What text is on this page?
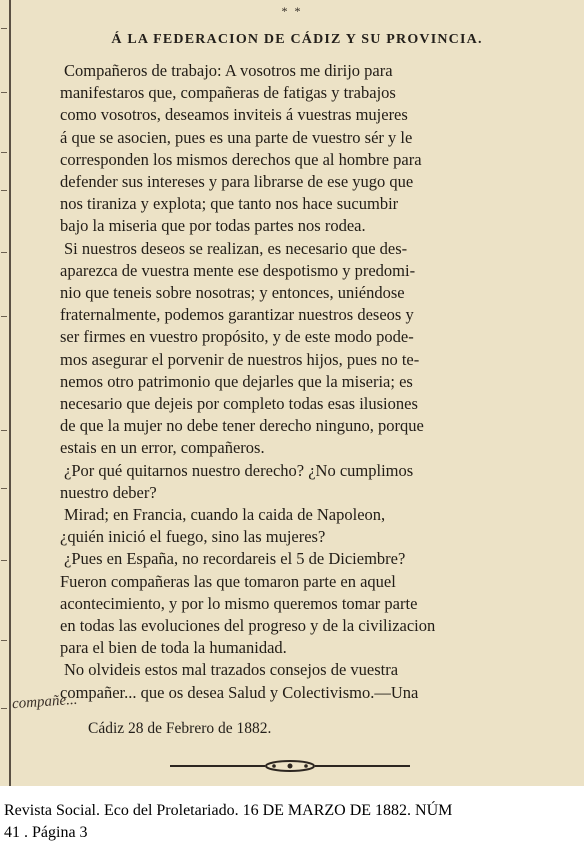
* *
Á LA FEDERACION DE CÁDIZ Y SU PROVINCIA.

Compañeros de trabajo: A vosotros me dirijo para
manifestaros que, compañeras de fatigas y trabajos
como vosotros, deseamos inviteis á vuestras mujeres
á que se asocien, pues es una parte de vuestro sér y le
corresponden los mismos derechos que al hombre para
defender sus intereses y para librarse de ese yugo que
nos tiraniza y explota; que tanto nos hace sucumbir
bajo la miseria que por todas partes nos rodea.

Si nuestros deseos se realizan, es necesario que des-
aparezca de vuestra mente ese despotismo y predomi-
nio que teneis sobre nosotras; y entonces, uniéndose
fraternalmente, podemos garantizar nuestros deseos y
ser firmes en vuestro propósito, y de este modo pode-
mos asegurar el porvenir de nuestros hijos, pues no te-
nemos otro patrimonio que dejarles que la miseria; es
necesario que dejeis por completo todas esas ilusiones
de que la mujer no debe tener derecho ninguno, porque
estais en un error, compañeros.

¿Por qué quitarnos nuestro derecho? ¿No cumplimos
nuestro deber?

Mirad; en Francia, cuando la caida de Napoleon,
¿quién inició el fuego, sino las mujeres?

¿Pues en España, no recordareis el 5 de Diciembre?
Fueron compañeras las que tomaron parte en aquel
acontecimiento, y por lo mismo queremos tomar parte
en todas las evoluciones del progreso y de la civilizacion
para el bien de toda la humanidad.

No olvideis estos mal trazados consejos de vuestra
compañer... que os desea Salud y Colectivismo.—Una

compañe...
Cádiz 28 de Febrero de 1882.
Revista Social. Eco del Proletariado. 16 DE MARZO DE 1882. NÚM
41 . Página 3
